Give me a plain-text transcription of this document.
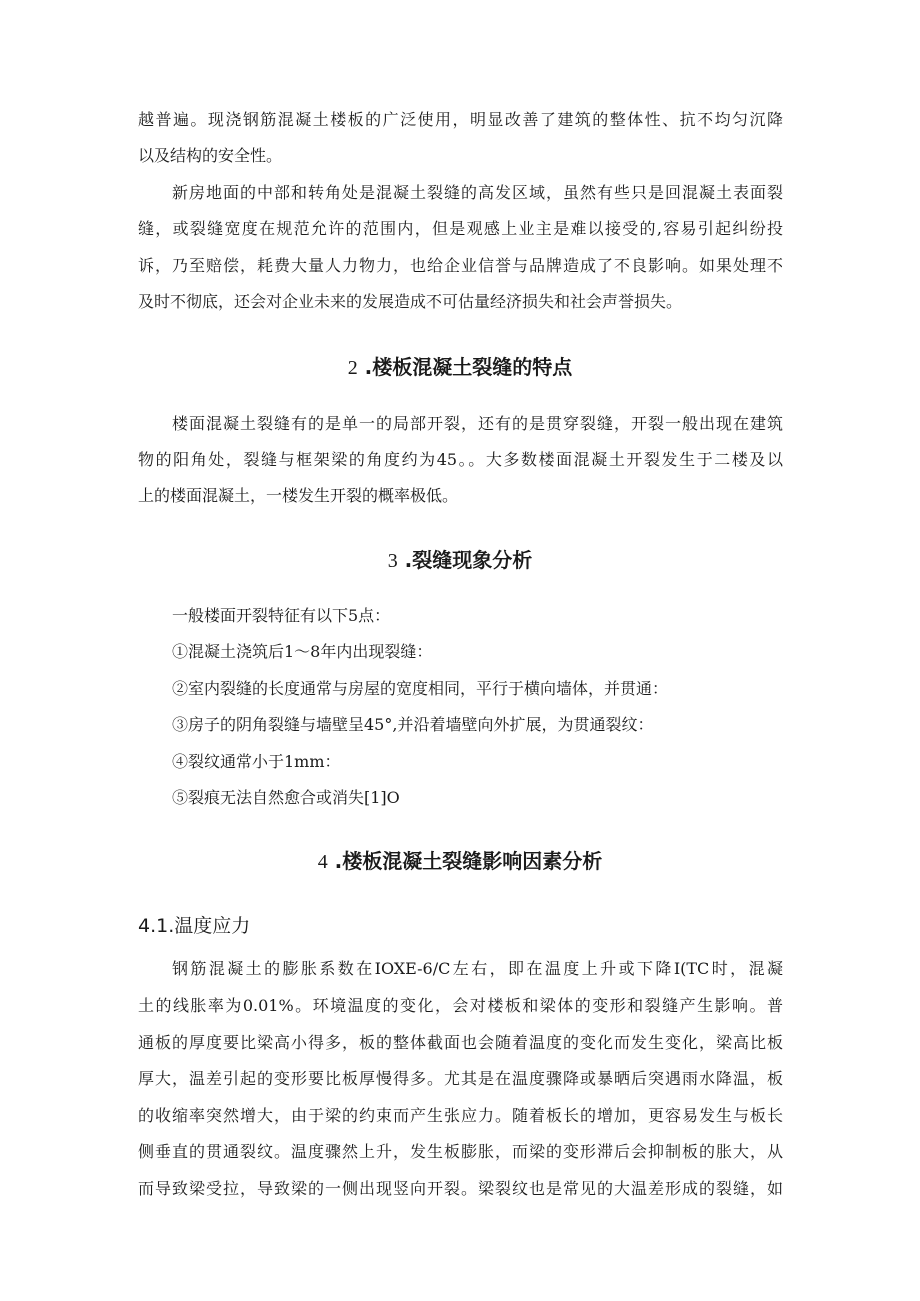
越普遍。现浇钢筋混凝土楼板的广泛使用，明显改善了建筑的整体性、抗不均匀沉降
以及结构的安全性。
新房地面的中部和转角处是混凝土裂缝的高发区域，虽然有些只是回混凝土表面裂
缝，或裂缝宽度在规范允许的范围内，但是观感上业主是难以接受的,容易引起纠纷投
诉，乃至赔偿，耗费大量人力物力，也给企业信誉与品牌造成了不良影响。如果处理不
及时不彻底，还会对企业未来的发展造成不可估量经济损失和社会声誉损失。
2 .楼板混凝土裂缝的特点
楼面混凝土裂缝有的是单一的局部开裂，还有的是贯穿裂缝，开裂一般出现在建筑
物的阳角处，裂缝与框架梁的角度约为45。。大多数楼面混凝土开裂发生于二楼及以
上的楼面混凝土，一楼发生开裂的概率极低。
3 .裂缝现象分析
一般楼面开裂特征有以下5点：
①混凝土浇筑后1～8年内出现裂缝：
②室内裂缝的长度通常与房屋的宽度相同，平行于横向墙体，并贯通：
③房子的阴角裂缝与墙壁呈45°,并沿着墙壁向外扩展，为贯通裂纹：
④裂纹通常小于1mm：
⑤裂痕无法自然愈合或消失[1]O
4 .楼板混凝土裂缝影响因素分析
4.1.温度应力
钢筋混凝土的膨胀系数在IOXE-6/C左右，即在温度上升或下降I(TC时，混凝
土的线胀率为0.01%。环境温度的变化，会对楼板和梁体的变形和裂缝产生影响。普
通板的厚度要比梁高小得多，板的整体截面也会随着温度的变化而发生变化，梁高比板
厚大，温差引起的变形要比板厚慢得多。尤其是在温度骤降或暴晒后突遇雨水降温，板
的收缩率突然增大，由于梁的约束而产生张应力。随着板长的增加，更容易发生与板长
侧垂直的贯通裂纹。温度骤然上升，发生板膨胀，而梁的变形滞后会抑制板的胀大，从
而导致梁受拉，导致梁的一侧出现竖向开裂。梁裂纹也是常见的大温差形成的裂缝，如
